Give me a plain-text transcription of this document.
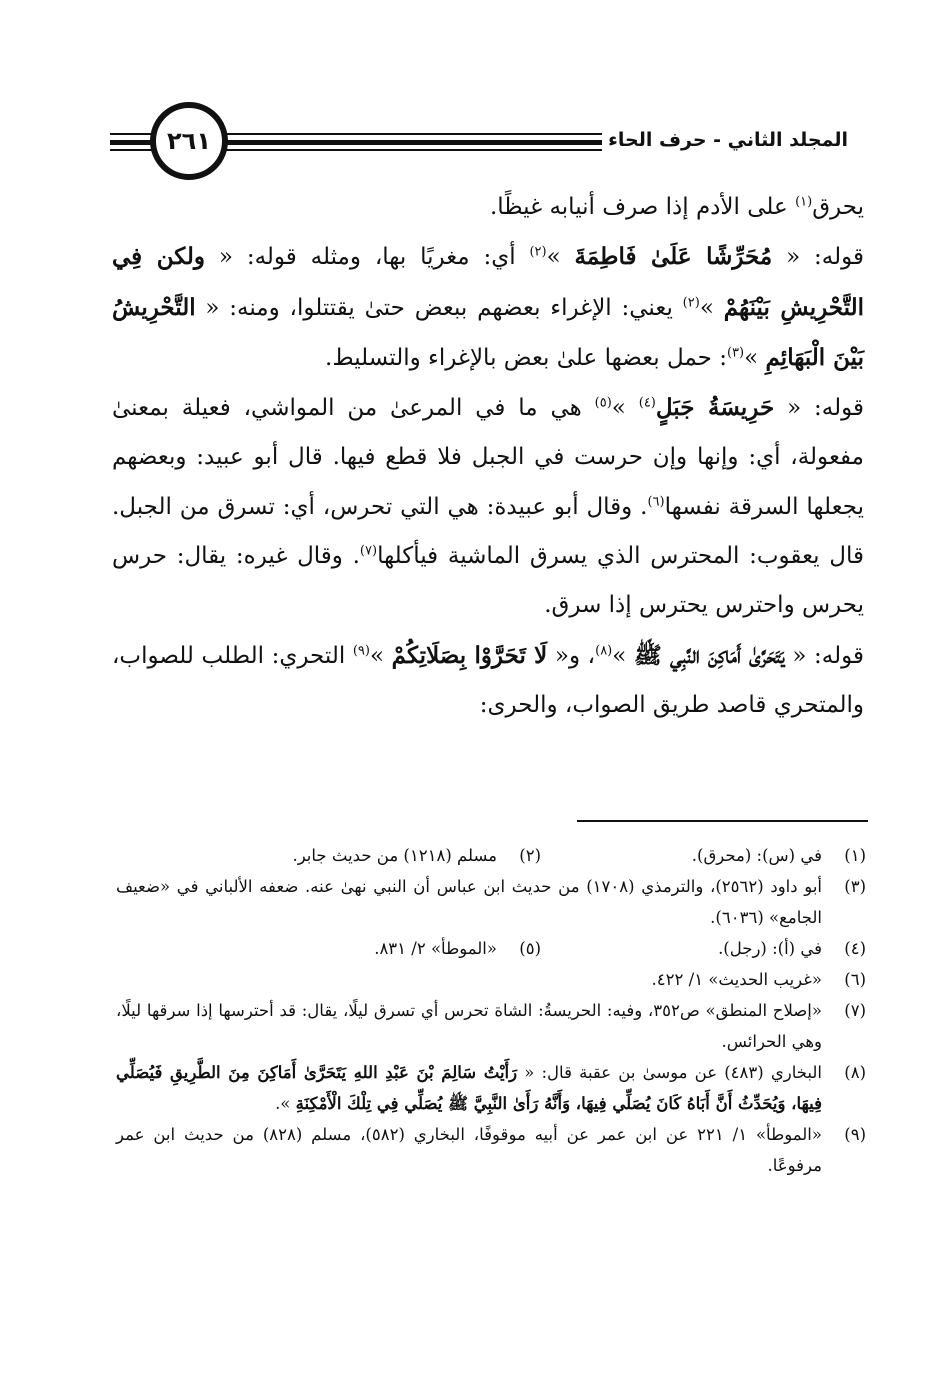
المجلد الثاني - حرف الحاء
٢٦١

يحرق$^{(١)}$ على الأدم إذا صرف أنيابه غيظًا.

قوله: « مُحَرِّشًا عَلَىٰ فَاطِمَةَ »$^{(٢)}$ أي: مغريًا بها، ومثله قوله: « ولكن فِي التَّحْرِيشِ بَيْنَهُمْ »$^{(٢)}$ يعني: الإغراء بعضهم ببعض حتىٰ يقتتلوا، ومنه: « التَّحْرِيشُ بَيْنَ الْبَهَائِمِ »$^{(٣)}$: حمل بعضها علىٰ بعض بالإغراء والتسليط.

قوله: « حَرِيسَةُ جَبَلٍ$^{(٤)}$ »$^{(٥)}$ هي ما في المرعىٰ من المواشي، فعيلة بمعنىٰ مفعولة، أي: وإنها وإن حرست في الجبل فلا قطع فيها. قال أبو عبيد: وبعضهم يجعلها السرقة نفسها$^{(٦)}$. وقال أبو عبيدة: هي التي تحرس، أي: تسرق من الجبل. قال يعقوب: المحترس الذي يسرق الماشية فيأكلها$^{(٧)}$. وقال غيره: يقال: حرس يحرس واحترس يحترس إذا سرق.

قوله: « يَتَحَرَّىٰ أَمَاكِنَ النَّبِي ﷺ »$^{(٨)}$، و« لَا تَحَرَّوْا بِصَلَاتِكُمْ »$^{(٩)}$ التحري: الطلب للصواب، والمتحري قاصد طريق الصواب، والحرى:

(١)
في (س): (محرق).
(٢)
مسلم (١٢١٨) من حديث جابر.
(٣)
أبو داود (٢٥٦٢)، والترمذي (١٧٠٨) من حديث ابن عباس أن النبي نهىٰ عنه. ضعفه الألباني في «ضعيف الجامع» (٦٠٣٦).
(٤)
في (أ): (رجل).
(٥)
«الموطأ» ٢/ ٨٣١.
(٦)
«غريب الحديث» ١/ ٤٢٢.
(٧)
«إصلاح المنطق» ص٣٥٢، وفيه: الحريسةُ: الشاة تحرس أي تسرق ليلًا، يقال: قد أحترسها إذا سرقها ليلًا، وهي الحرائس.
(٨)
البخاري (٤٨٣) عن موسىٰ بن عقبة قال: « رَأَيْتُ سَالِمَ بْنَ عَبْدِ اللهِ يَتَحَرَّىٰ أَمَاكِنَ مِنَ الطَّرِيقِ فَيُصَلِّي فِيهَا، وَيُحَدِّثُ أَنَّ أَبَاهُ كَانَ يُصَلِّي فِيهَا، وَأَنَّهُ رَأَىٰ النَّبِيَّ ﷺ يُصَلِّي فِي تِلْكَ الْأَمْكِنَةِ ».
(٩)
«الموطأ» ١/ ٢٢١ عن ابن عمر عن أبيه موقوفًا، البخاري (٥٨٢)، مسلم (٨٢٨) من حديث ابن عمر مرفوعًا.
